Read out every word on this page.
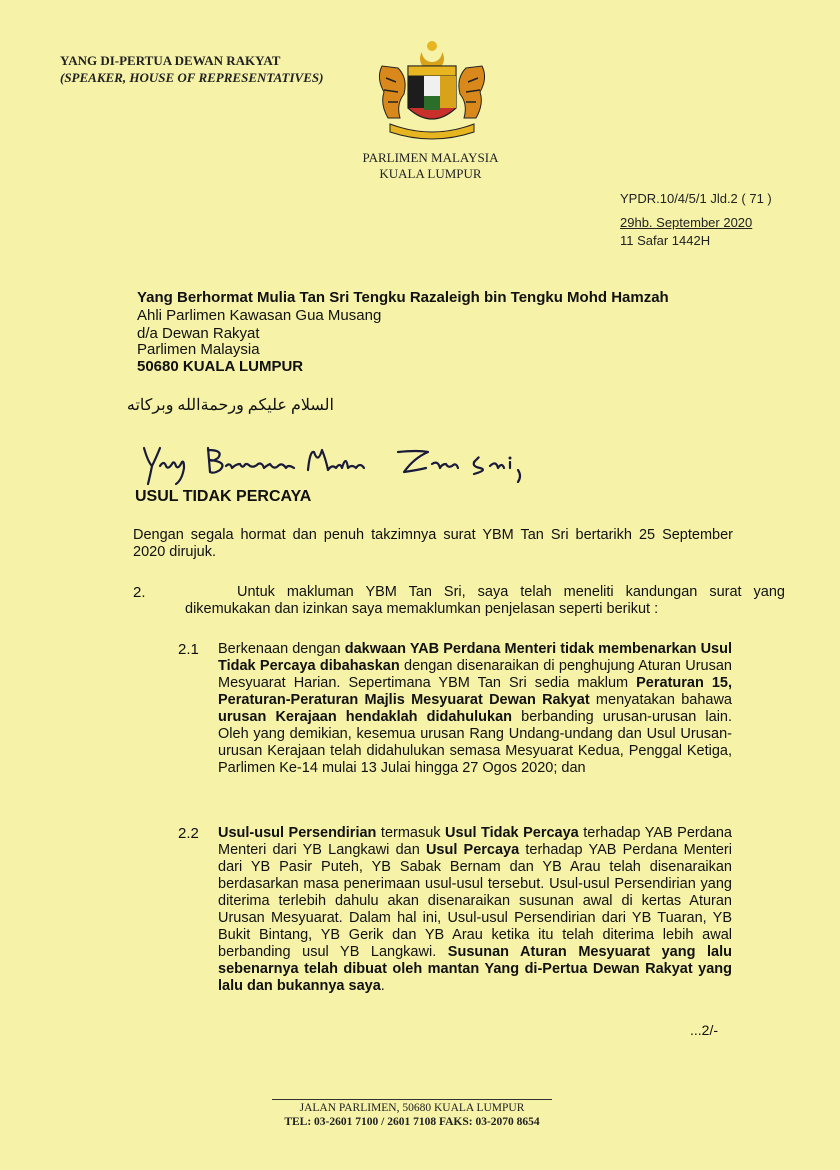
YANG DI-PERTUA DEWAN RAKYAT
(SPEAKER, HOUSE OF REPRESENTATIVES)
PARLIMEN MALAYSIA
KUALA LUMPUR
YPDR.10/4/5/1 Jld.2 ( 71 )
29hb. September 2020
11 Safar 1442H
Yang Berhormat Mulia Tan Sri Tengku Razaleigh bin Tengku Mohd Hamzah
Ahli Parlimen Kawasan Gua Musang
d/a Dewan Rakyat
Parlimen Malaysia
50680 KUALA LUMPUR
السلام عليكم ورحمةالله وبركاته
USUL TIDAK PERCAYA
Dengan segala hormat dan penuh takzimnya surat YBM Tan Sri bertarikh 25 September 2020 dirujuk.
2.	Untuk makluman YBM Tan Sri, saya telah meneliti kandungan surat yang dikemukakan dan izinkan saya memaklumkan penjelasan seperti berikut :
2.1 Berkenaan dengan dakwaan YAB Perdana Menteri tidak membenarkan Usul Tidak Percaya dibahaskan dengan disenaraikan di penghujung Aturan Urusan Mesyuarat Harian. Sepertimana YBM Tan Sri sedia maklum Peraturan 15, Peraturan-Peraturan Majlis Mesyuarat Dewan Rakyat menyatakan bahawa urusan Kerajaan hendaklah didahulukan berbanding urusan-urusan lain. Oleh yang demikian, kesemua urusan Rang Undang-undang dan Usul Urusan-urusan Kerajaan telah didahulukan semasa Mesyuarat Kedua, Penggal Ketiga, Parlimen Ke-14 mulai 13 Julai hingga 27 Ogos 2020; dan
2.2 Usul-usul Persendirian termasuk Usul Tidak Percaya terhadap YAB Perdana Menteri dari YB Langkawi dan Usul Percaya terhadap YAB Perdana Menteri dari YB Pasir Puteh, YB Sabak Bernam dan YB Arau telah disenaraikan berdasarkan masa penerimaan usul-usul tersebut. Usul-usul Persendirian yang diterima terlebih dahulu akan disenaraikan susunan awal di kertas Aturan Urusan Mesyuarat. Dalam hal ini, Usul-usul Persendirian dari YB Tuaran, YB Bukit Bintang, YB Gerik dan YB Arau ketika itu telah diterima lebih awal berbanding usul YB Langkawi. Susunan Aturan Mesyuarat yang lalu sebenarnya telah dibuat oleh mantan Yang di-Pertua Dewan Rakyat yang lalu dan bukannya saya.
...2/-
JALAN PARLIMEN, 50680 KUALA LUMPUR
TEL: 03-2601 7100 / 2601 7108 FAKS: 03-2070 8654
